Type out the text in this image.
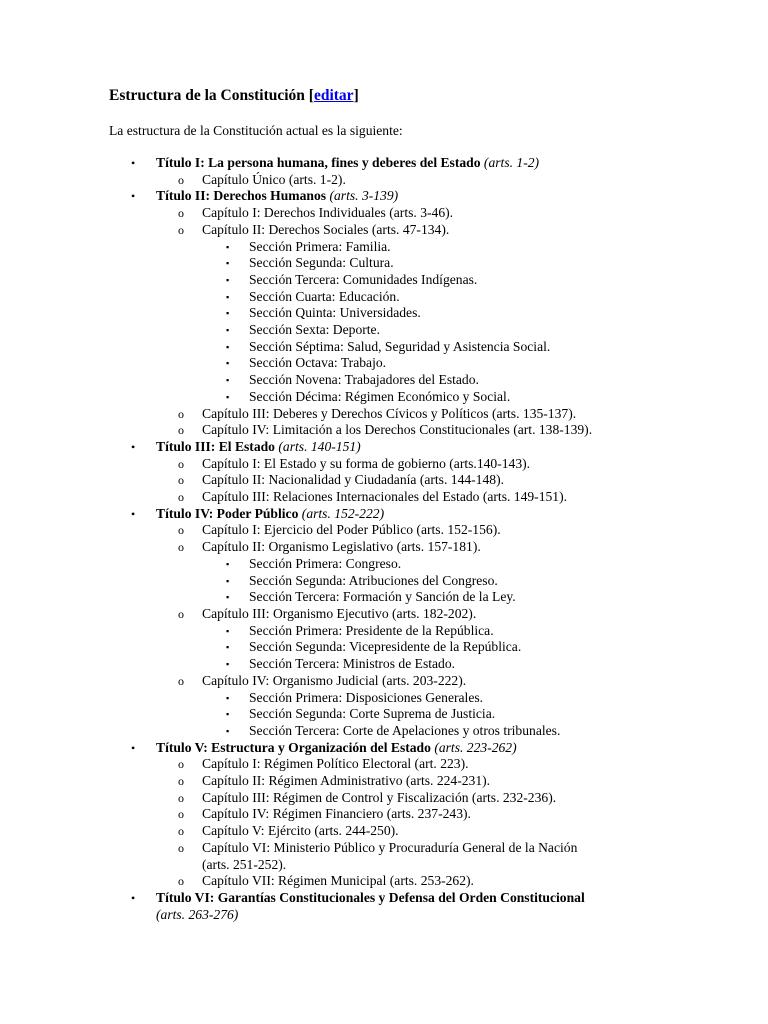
Estructura de la Constitución [editar]
La estructura de la Constitución actual es la siguiente:
• Título I: La persona humana, fines y deberes del Estado (arts. 1-2)
o Capítulo Único (arts. 1-2).
• Título II: Derechos Humanos (arts. 3-139)
o Capítulo I: Derechos Individuales (arts. 3-46).
o Capítulo II: Derechos Sociales (arts. 47-134).
▪ Sección Primera: Familia.
▪ Sección Segunda: Cultura.
▪ Sección Tercera: Comunidades Indígenas.
▪ Sección Cuarta: Educación.
▪ Sección Quinta: Universidades.
▪ Sección Sexta: Deporte.
▪ Sección Séptima: Salud, Seguridad y Asistencia Social.
▪ Sección Octava: Trabajo.
▪ Sección Novena: Trabajadores del Estado.
▪ Sección Décima: Régimen Económico y Social.
o Capítulo III: Deberes y Derechos Cívicos y Políticos (arts. 135-137).
o Capítulo IV: Limitación a los Derechos Constitucionales (art. 138-139).
• Título III: El Estado (arts. 140-151)
o Capítulo I: El Estado y su forma de gobierno (arts.140-143).
o Capítulo II: Nacionalidad y Ciudadanía (arts. 144-148).
o Capítulo III: Relaciones Internacionales del Estado (arts. 149-151).
• Título IV: Poder Público (arts. 152-222)
o Capítulo I: Ejercicio del Poder Público (arts. 152-156).
o Capítulo II: Organismo Legislativo (arts. 157-181).
▪ Sección Primera: Congreso.
▪ Sección Segunda: Atribuciones del Congreso.
▪ Sección Tercera: Formación y Sanción de la Ley.
o Capítulo III: Organismo Ejecutivo (arts. 182-202).
▪ Sección Primera: Presidente de la República.
▪ Sección Segunda: Vicepresidente de la República.
▪ Sección Tercera: Ministros de Estado.
o Capítulo IV: Organismo Judicial (arts. 203-222).
▪ Sección Primera: Disposiciones Generales.
▪ Sección Segunda: Corte Suprema de Justicia.
▪ Sección Tercera: Corte de Apelaciones y otros tribunales.
• Título V: Estructura y Organización del Estado (arts. 223-262)
o Capítulo I: Régimen Político Electoral (art. 223).
o Capítulo II: Régimen Administrativo (arts. 224-231).
o Capítulo III: Régimen de Control y Fiscalización (arts. 232-236).
o Capítulo IV: Régimen Financiero (arts. 237-243).
o Capítulo V: Ejército (arts. 244-250).
o Capítulo VI: Ministerio Público y Procuraduría General de la Nación
(arts. 251-252).
o Capítulo VII: Régimen Municipal (arts. 253-262).
• Título VI: Garantías Constitucionales y Defensa del Orden Constitucional
(arts. 263-276)
